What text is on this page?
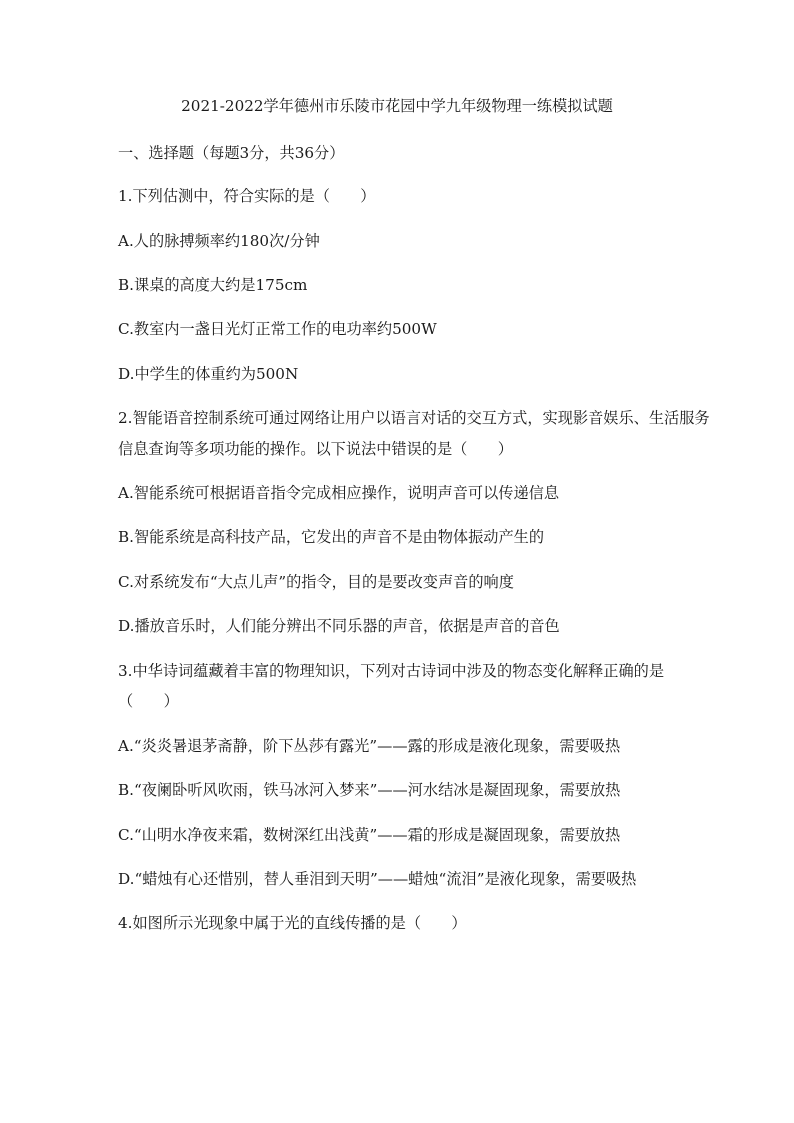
2021-2022学年德州市乐陵市花园中学九年级物理一练模拟试题
一、选择题（每题3分，共36分）
1.下列估测中，符合实际的是（　　）
A.人的脉搏频率约180次/分钟
B.课桌的高度大约是175cm
C.教室内一盏日光灯正常工作的电功率约500W
D.中学生的体重约为500N
2.智能语音控制系统可通过网络让用户以语言对话的交互方式，实现影音娱乐、生活服务
信息查询等多项功能的操作。以下说法中错误的是（　　）
A.智能系统可根据语音指令完成相应操作，说明声音可以传递信息
B.智能系统是高科技产品，它发出的声音不是由物体振动产生的
C.对系统发布“大点儿声”的指令，目的是要改变声音的响度
D.播放音乐时，人们能分辨出不同乐器的声音，依据是声音的音色
3.中华诗词蕴藏着丰富的物理知识，下列对古诗词中涉及的物态变化解释正确的是
（　　）
A.“炎炎暑退茅斋静，阶下丛莎有露光”——露的形成是液化现象，需要吸热
B.“夜阑卧听风吹雨，铁马冰河入梦来”——河水结冰是凝固现象，需要放热
C.“山明水净夜来霜，数树深红出浅黄”——霜的形成是凝固现象，需要放热
D.“蜡烛有心还惜别，替人垂泪到天明”——蜡烛“流泪”是液化现象，需要吸热
4.如图所示光现象中属于光的直线传播的是（　　）
